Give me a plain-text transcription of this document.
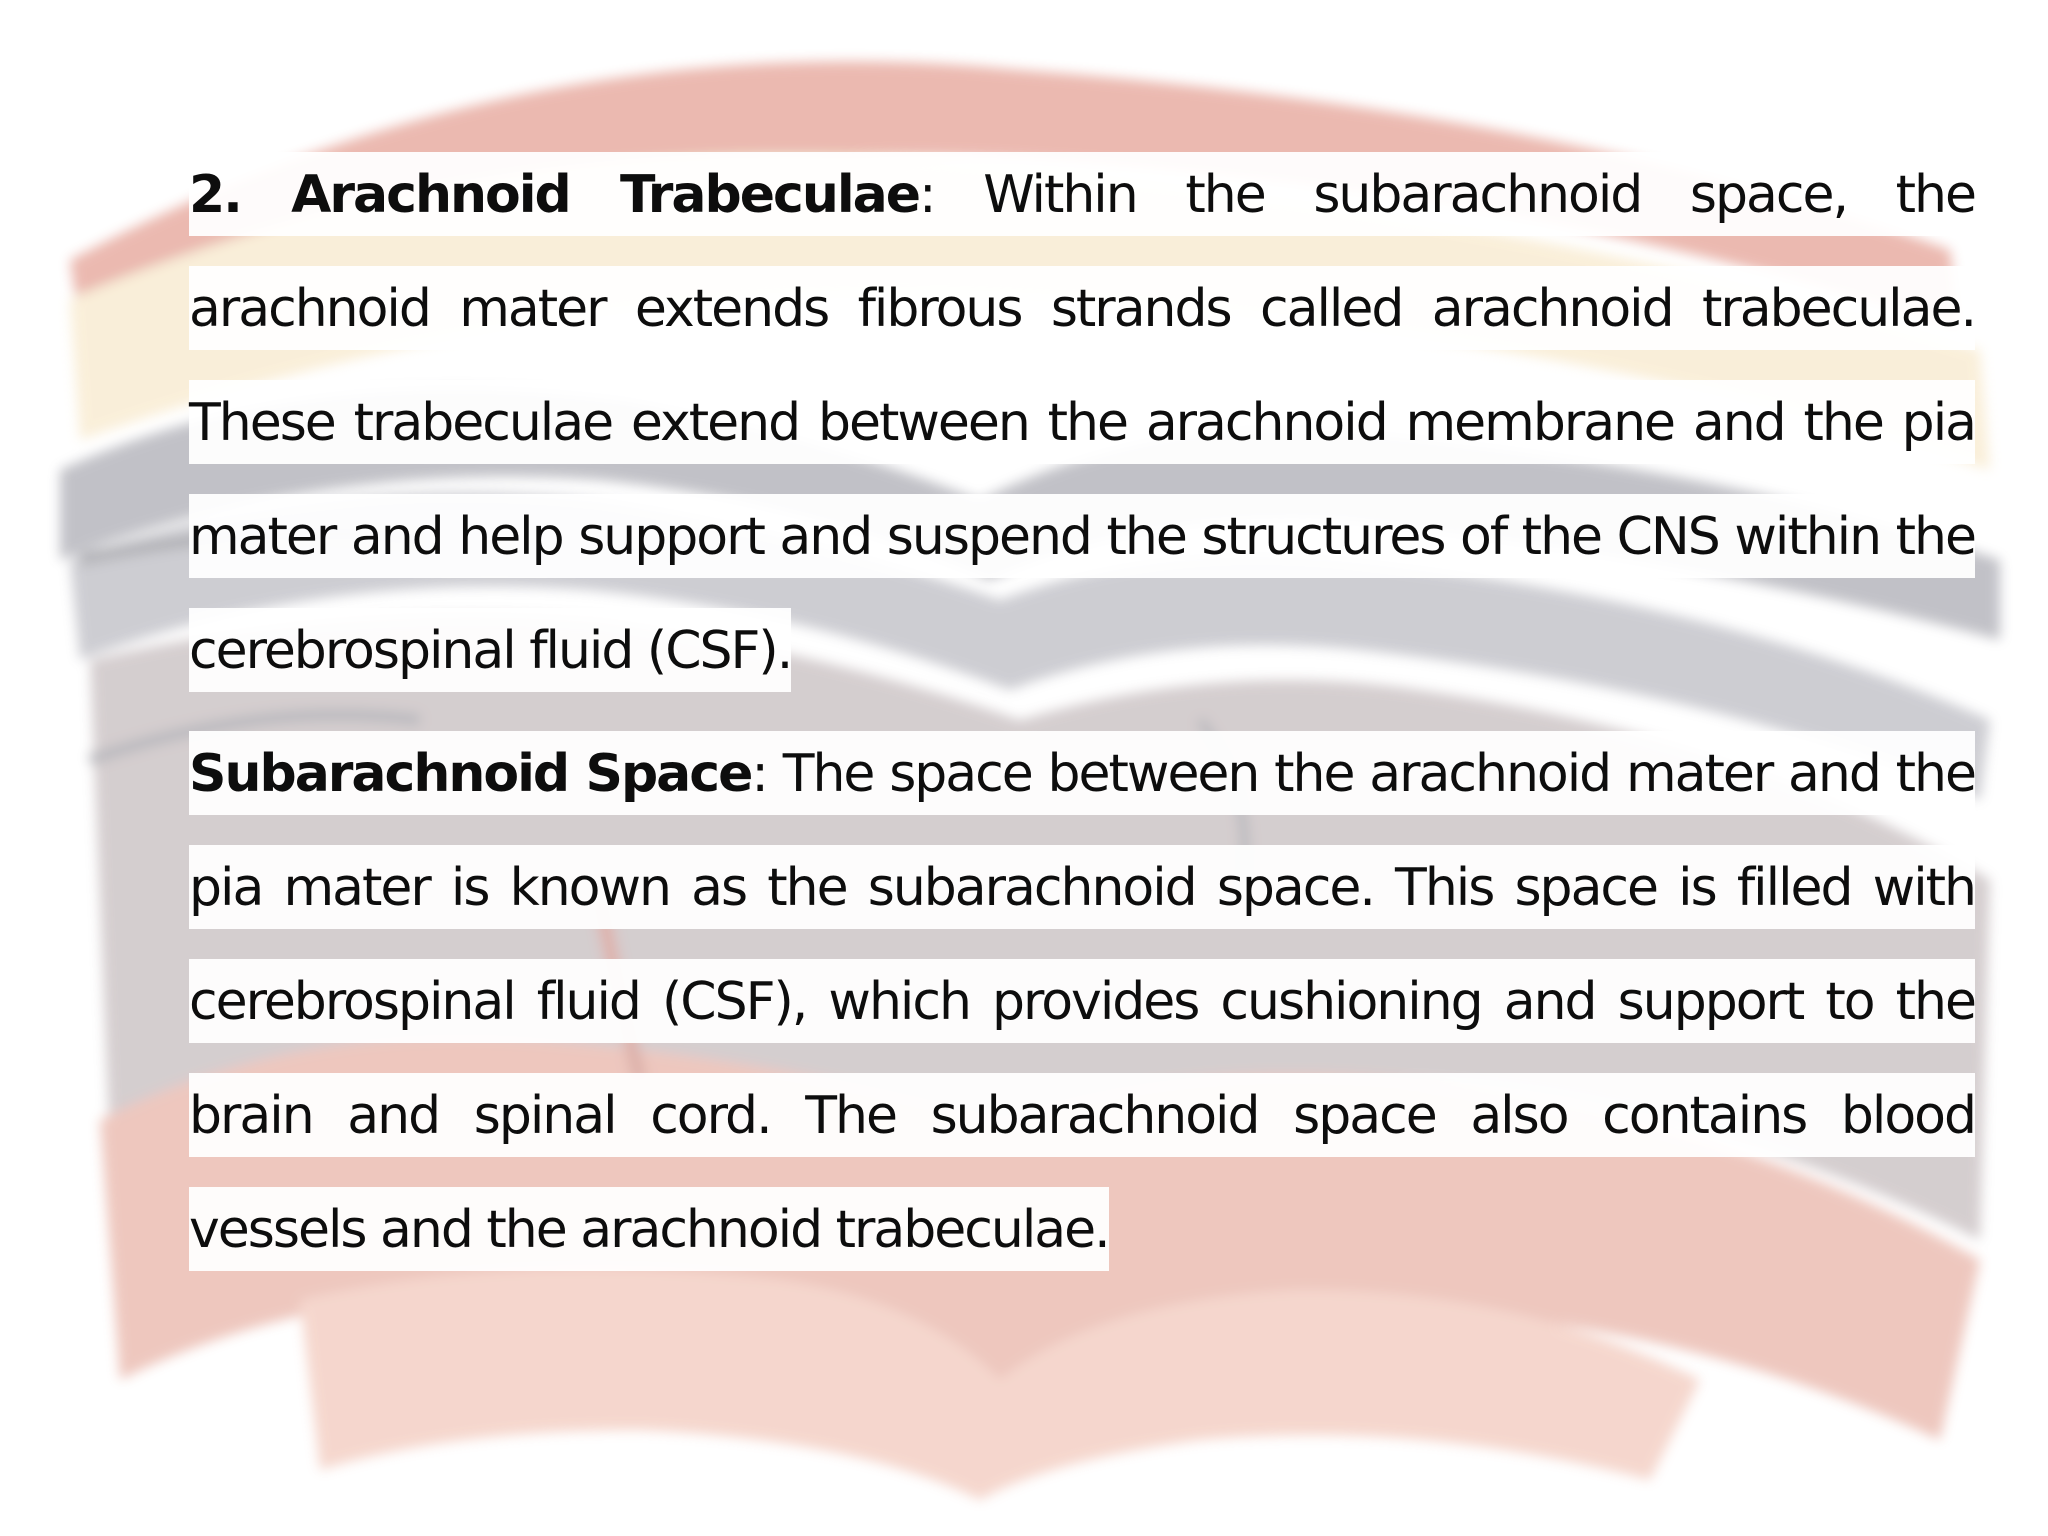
2. Arachnoid Trabeculae: Within the subarachnoid space, the arachnoid mater extends fibrous strands called arachnoid trabeculae. These trabeculae extend between the arachnoid membrane and the pia mater and help support and suspend the structures of the CNS within the cerebrospinal fluid (CSF).

Subarachnoid Space: The space between the arachnoid mater and the pia mater is known as the subarachnoid space. This space is filled with cerebrospinal fluid (CSF), which provides cushioning and support to the brain and spinal cord. The subarachnoid space also contains blood vessels and the arachnoid trabeculae.
